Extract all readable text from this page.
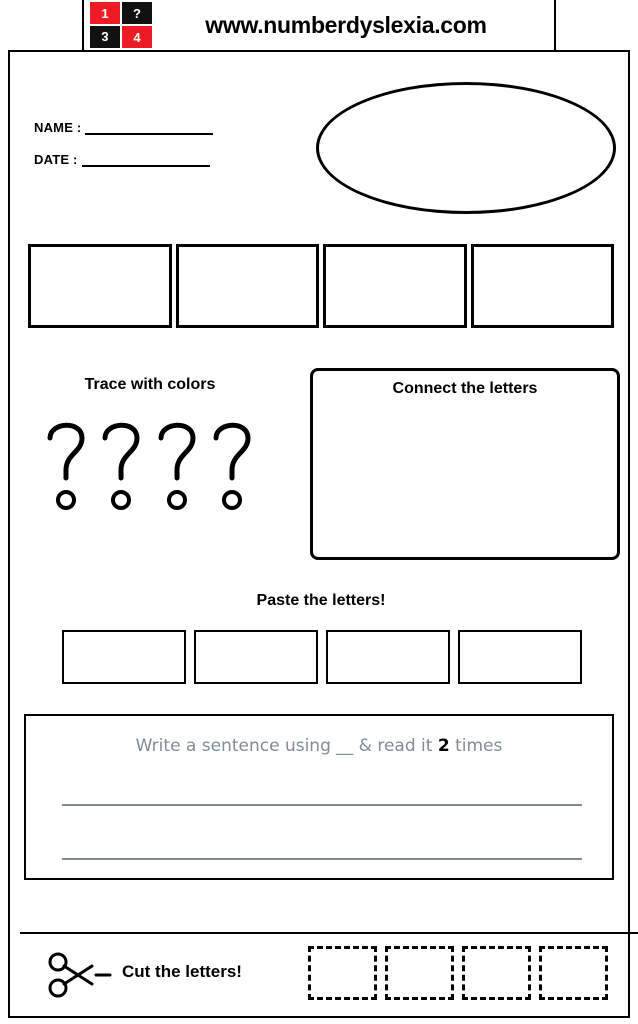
1	?
3	4	www.numberdyslexia.com
NAME :
DATE :
Trace with colors	Connect the letters
Paste the letters!
Write a sentence using __ & read it 2 times
Cut the letters!
